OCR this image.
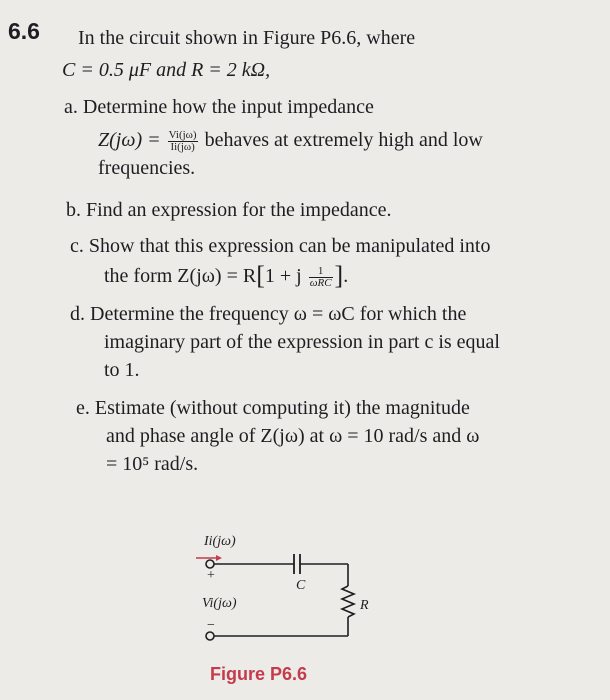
6.6 In the circuit shown in Figure P6.6, where
C = 0.5 μF and R = 2 kΩ,
a. Determine how the input impedance
$Z(j\omega) = \frac{Vi(j\omega)}{Ii(j\omega)}$ behaves at extremely high and low
frequencies.
b. Find an expression for the impedance.
c. Show that this expression can be manipulated into
the form Z(jω) = R[1 + j $\frac{1}{\text{ωRC}}$ ].
d. Determine the frequency ω = ωC for which the
imaginary part of the expression in part c is equal
to 1.
e. Estimate (without computing it) the magnitude
and phase angle of Z(jω) at ω = 10 rad/s and ω
= 10⁵ rad/s.
Ii(jω)
+
Vi(jω)
−
C
R
Figure P6.6
